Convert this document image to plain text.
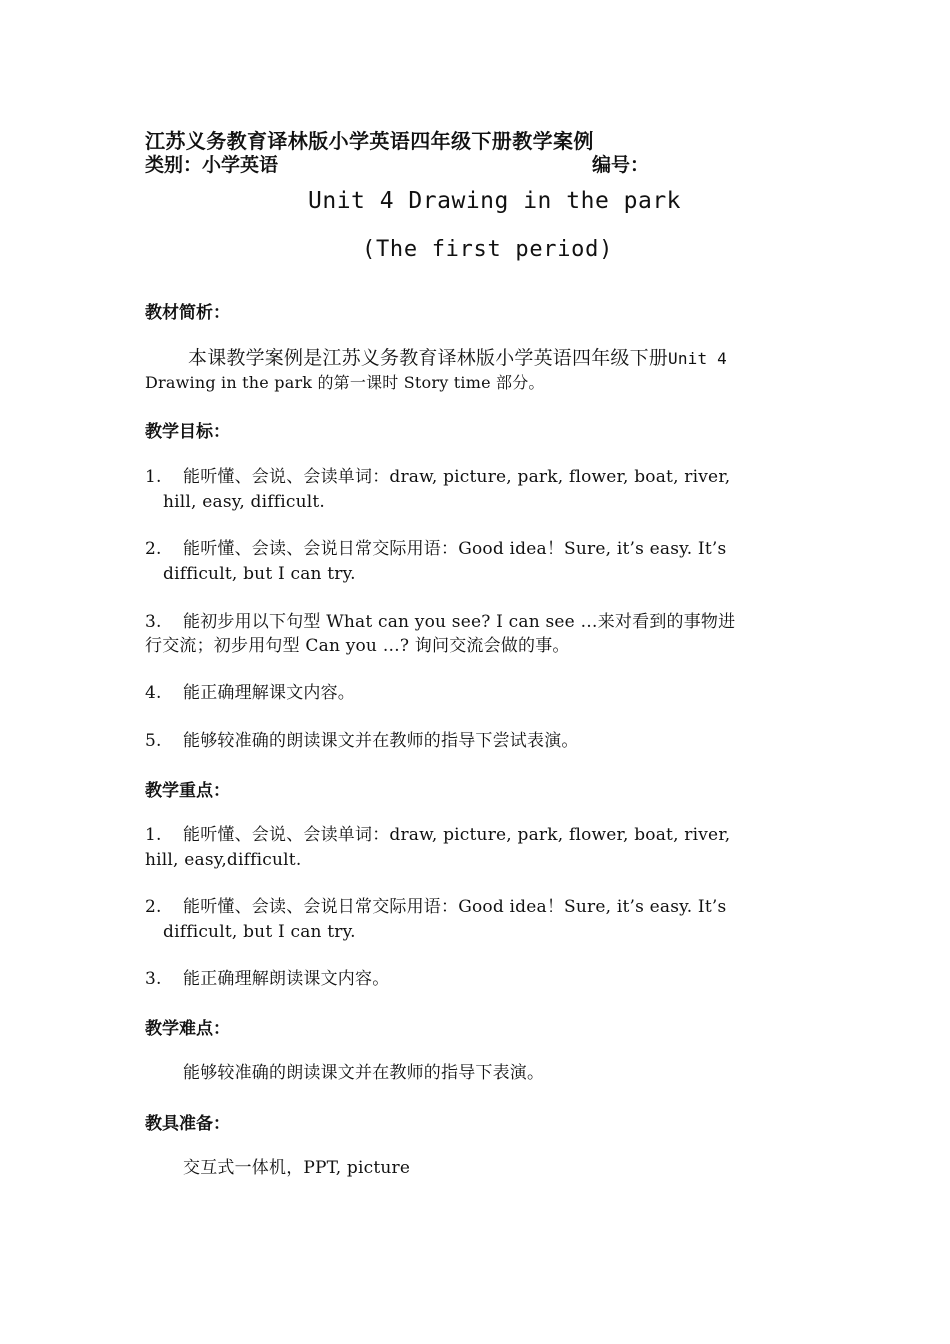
江苏义务教育译林版小学英语四年级下册教学案例
类别：小学英语	编号：
Unit 4 Drawing in the park
(The first period)
教材简析：
本课教学案例是江苏义务教育译林版小学英语四年级下册Unit 4
Drawing in the park 的第一课时 Story time 部分。
教学目标：
1. 能听懂、会说、会读单词：draw, picture, park, flower, boat, river,
hill, easy, difficult.
2. 能听懂、会读、会说日常交际用语：Good idea！Sure, it’s easy. It’s
difficult, but I can try.
3. 能初步用以下句型 What can you see? I can see …来对看到的事物进
行交流；初步用句型 Can you …? 询问交流会做的事。
4. 能正确理解课文内容。
5. 能够较准确的朗读课文并在教师的指导下尝试表演。
教学重点：
1. 能听懂、会说、会读单词：draw, picture, park, flower, boat, river,
hill, easy,difficult.
2. 能听懂、会读、会说日常交际用语：Good idea！Sure, it’s easy. It’s
difficult, but I can try.
3. 能正确理解朗读课文内容。
教学难点：
能够较准确的朗读课文并在教师的指导下表演。
教具准备：
交互式一体机，PPT, picture
